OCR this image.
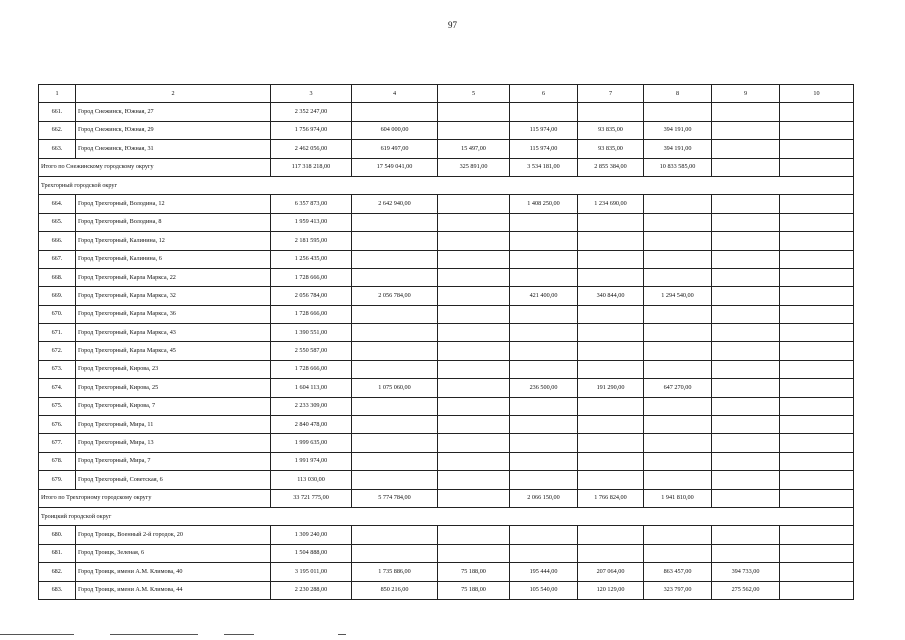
97
1	2	3	4	5	6	7	8	9	10
661.	Город Снежинск, Южная, 27	2 352 247,00							
662.	Город Снежинск, Южная, 29	1 756 974,00	604 000,00		115 974,00	93 835,00	394 191,00		
663.	Город Снежинск, Южная, 31	2 462 056,00	619 497,00	15 497,00	115 974,00	93 835,00	394 191,00		
Итого по Снежинскому городскому округу		117 318 218,00	17 549 041,00	325 891,00	3 534 181,00	2 855 384,00	10 833 585,00		
Трехгорный городской округ									
664.	Город Трехгорный, Володина, 12	6 357 873,00	2 642 940,00		1 408 250,00	1 234 690,00			
665.	Город Трехгорный, Володина, 8	1 959 413,00							
666.	Город Трехгорный, Калинина, 12	2 181 595,00							
667.	Город Трехгорный, Калинина, 6	1 256 435,00							
668.	Город Трехгорный, Карла Маркса, 22	1 728 666,00							
669.	Город Трехгорный, Карла Маркса, 32	2 056 784,00	2 056 784,00		421 400,00	340 844,00	1 294 540,00		
670.	Город Трехгорный, Карла Маркса, 36	1 728 666,00							
671.	Город Трехгорный, Карла Маркса, 43	1 390 551,00							
672.	Город Трехгорный, Карла Маркса, 45	2 550 587,00							
673.	Город Трехгорный, Кирова, 23	1 728 666,00							
674.	Город Трехгорный, Кирова, 25	1 604 113,00	1 075 060,00		236 500,00	191 290,00	647 270,00		
675.	Город Трехгорный, Кирова, 7	2 233 309,00							
676.	Город Трехгорный, Мира, 11	2 840 478,00							
677.	Город Трехгорный, Мира, 13	1 999 635,00							
678.	Город Трехгорный, Мира, 7	1 991 974,00							
679.	Город Трехгорный, Советская, 6	113 030,00							
Итого по Трехгорному городскому округу		33 721 775,00	5 774 784,00		2 066 150,00	1 766 824,00	1 941 810,00		
Троицкий городской округ									
680.	Город Троицк, Военный 2-й городок, 20	1 309 240,00							
681.	Город Троицк, Зеленая, 6	1 504 888,00							
682.	Город Троицк, имени А.М. Климова, 40	3 195 011,00	1 735 886,00	75 188,00	195 444,00	207 064,00	863 457,00	394 733,00	
683.	Город Троицк, имени А.М. Климова, 44	2 230 288,00	850 216,00	75 188,00	105 540,00	120 129,00	323 797,00	275 562,00	
